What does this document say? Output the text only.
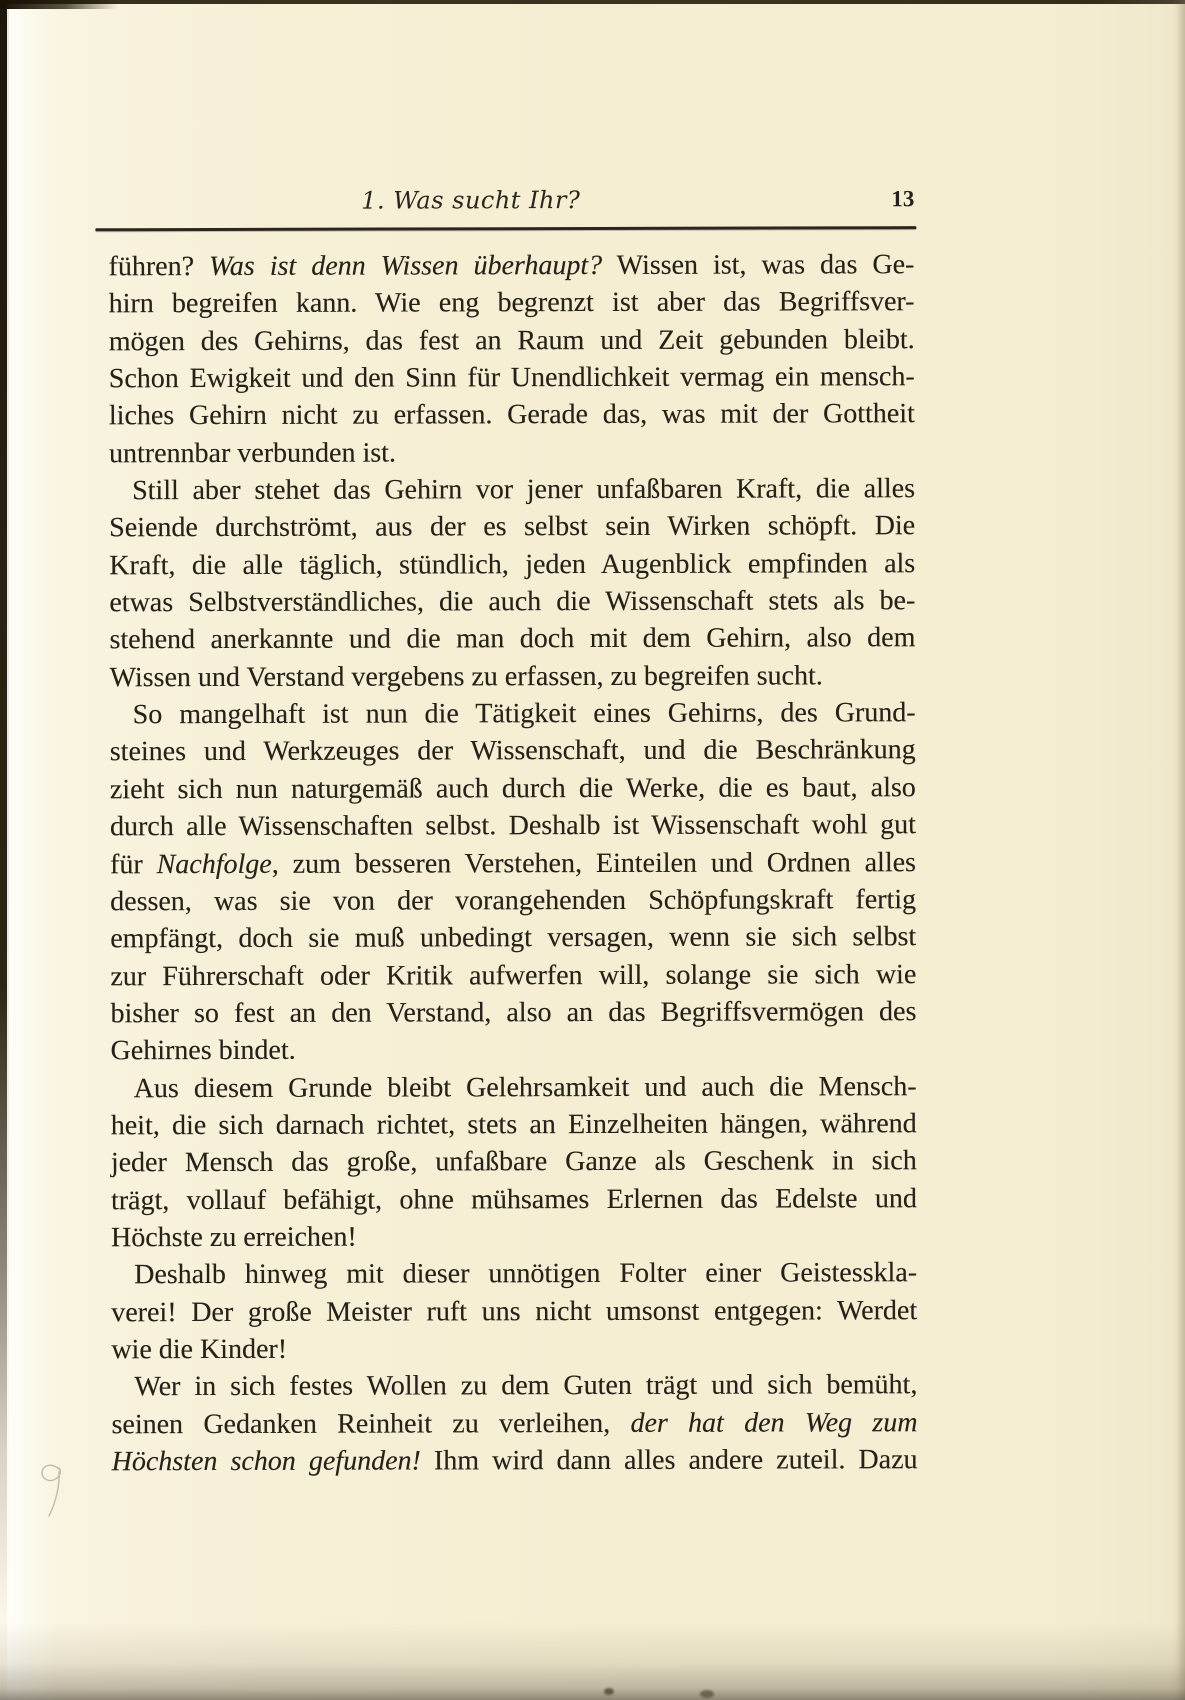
1. Was sucht Ihr?	13
führen? Was ist denn Wissen überhaupt? Wissen ist, was das Ge-
hirn begreifen kann. Wie eng begrenzt ist aber das Begriffsver-
mögen des Gehirns, das fest an Raum und Zeit gebunden bleibt.
Schon Ewigkeit und den Sinn für Unendlichkeit vermag ein mensch-
liches Gehirn nicht zu erfassen. Gerade das, was mit der Gottheit
untrennbar verbunden ist.
Still aber stehet das Gehirn vor jener unfaßbaren Kraft, die alles
Seiende durchströmt, aus der es selbst sein Wirken schöpft. Die
Kraft, die alle täglich, stündlich, jeden Augenblick empfinden als
etwas Selbstverständliches, die auch die Wissenschaft stets als be-
stehend anerkannte und die man doch mit dem Gehirn, also dem
Wissen und Verstand vergebens zu erfassen, zu begreifen sucht.
So mangelhaft ist nun die Tätigkeit eines Gehirns, des Grund-
steines und Werkzeuges der Wissenschaft, und die Beschränkung
zieht sich nun naturgemäß auch durch die Werke, die es baut, also
durch alle Wissenschaften selbst. Deshalb ist Wissenschaft wohl gut
für Nachfolge, zum besseren Verstehen, Einteilen und Ordnen alles
dessen, was sie von der vorangehenden Schöpfungskraft fertig
empfängt, doch sie muß unbedingt versagen, wenn sie sich selbst
zur Führerschaft oder Kritik aufwerfen will, solange sie sich wie
bisher so fest an den Verstand, also an das Begriffsvermögen des
Gehirnes bindet.
Aus diesem Grunde bleibt Gelehrsamkeit und auch die Mensch-
heit, die sich darnach richtet, stets an Einzelheiten hängen, während
jeder Mensch das große, unfaßbare Ganze als Geschenk in sich
trägt, vollauf befähigt, ohne mühsames Erlernen das Edelste und
Höchste zu erreichen!
Deshalb hinweg mit dieser unnötigen Folter einer Geistesskla-
verei! Der große Meister ruft uns nicht umsonst entgegen: Werdet
wie die Kinder!
Wer in sich festes Wollen zu dem Guten trägt und sich bemüht,
seinen Gedanken Reinheit zu verleihen, der hat den Weg zum
Höchsten schon gefunden! Ihm wird dann alles andere zuteil. Dazu
